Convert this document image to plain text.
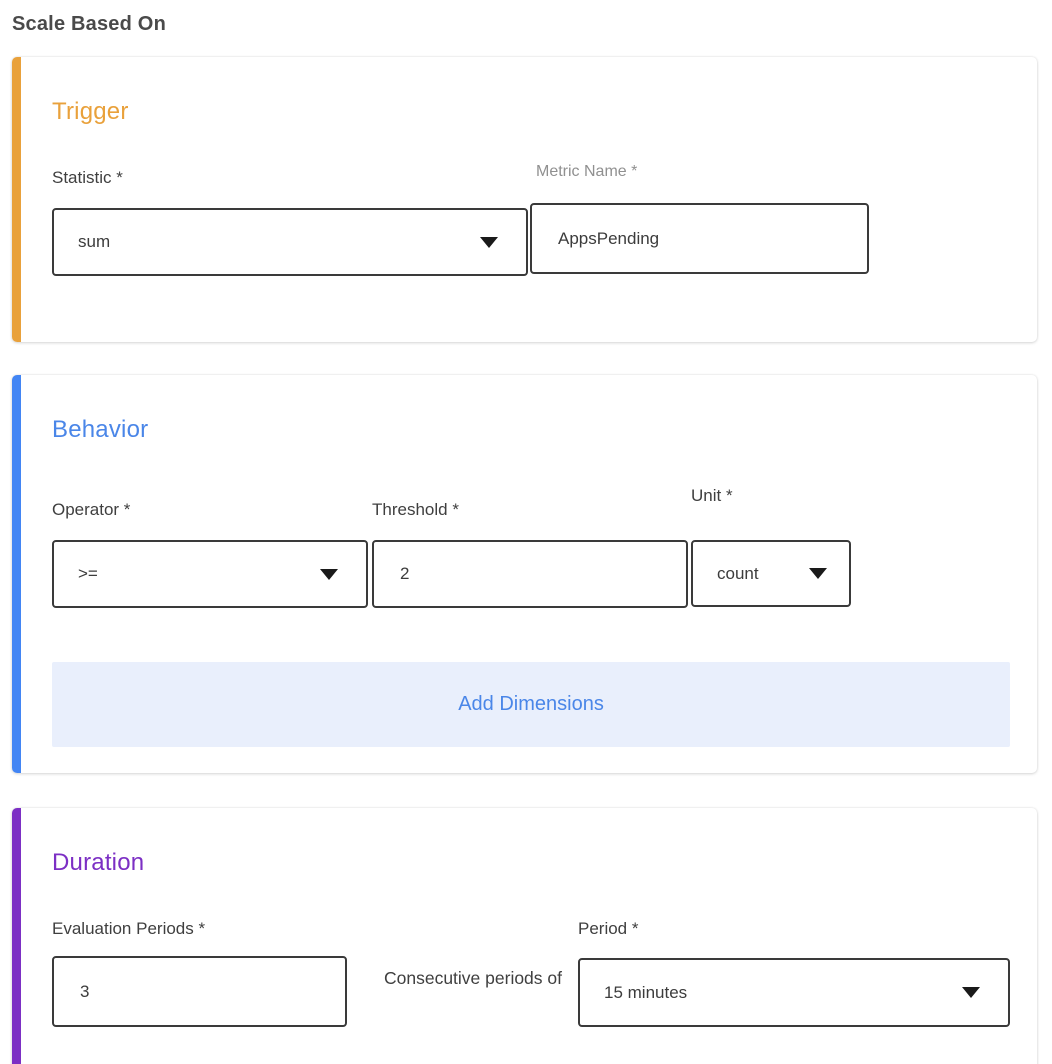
Scale Based On
Trigger
Statistic *
sum
Metric Name *
AppsPending
Behavior
Operator *
>=
Threshold *
2
Unit *
count
Add Dimensions
Duration
Evaluation Periods *
3
Consecutive periods of
Period *
15 minutes
